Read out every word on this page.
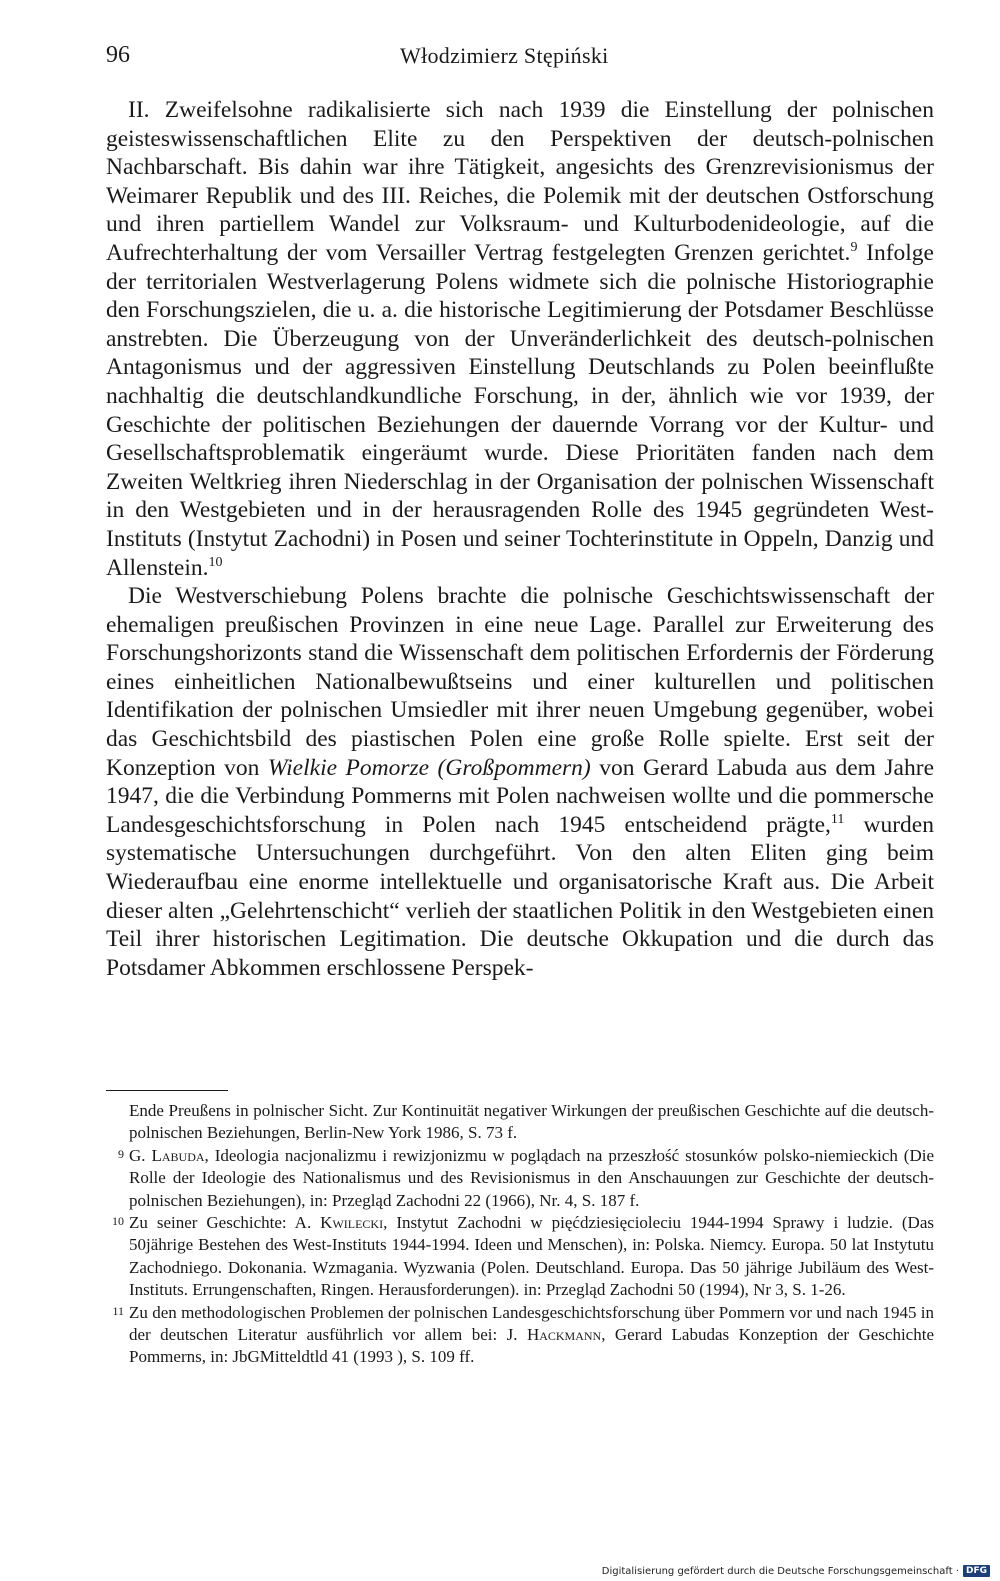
96	Włodzimierz Stępiński

II. Zweifelsohne radikalisierte sich nach 1939 die Einstellung der polnischen geisteswissenschaftlichen Elite zu den Perspektiven der deutsch-polnischen Nachbarschaft. Bis dahin war ihre Tätigkeit, angesichts des Grenzrevisionismus der Weimarer Republik und des III. Reiches, die Polemik mit der deutschen Ostforschung und ihren partiellem Wandel zur Volksraum- und Kulturbodenideologie, auf die Aufrechterhaltung der vom Versailler Vertrag festgelegten Grenzen gerichtet.$^9$ Infolge der territorialen Westverlagerung Polens widmete sich die polnische Historiographie den Forschungszielen, die u. a. die historische Legitimierung der Potsdamer Beschlüsse anstrebten. Die Überzeugung von der Unveränderlichkeit des deutsch-polnischen Antagonismus und der aggressiven Einstellung Deutschlands zu Polen beeinflußte nachhaltig die deutschlandkundliche Forschung, in der, ähnlich wie vor 1939, der Geschichte der politischen Beziehungen der dauernde Vorrang vor der Kultur- und Gesellschaftsproblematik eingeräumt wurde. Diese Prioritäten fanden nach dem Zweiten Weltkrieg ihren Niederschlag in der Organisation der polnischen Wissenschaft in den Westgebieten und in der herausragenden Rolle des 1945 gegründeten West-Instituts (Instytut Zachodni) in Posen und seiner Tochterinstitute in Oppeln, Danzig und Allenstein.$^{10}$

Die Westverschiebung Polens brachte die polnische Geschichtswissenschaft der ehemaligen preußischen Provinzen in eine neue Lage. Parallel zur Erweiterung des Forschungshorizonts stand die Wissenschaft dem politischen Erfordernis der Förderung eines einheitlichen Nationalbewußtseins und einer kulturellen und politischen Identifikation der polnischen Umsiedler mit ihrer neuen Umgebung gegenüber, wobei das Geschichtsbild des piastischen Polen eine große Rolle spielte. Erst seit der Konzeption von Wielkie Pomorze (Großpommern) von Gerard Labuda aus dem Jahre 1947, die die Verbindung Pommerns mit Polen nachweisen wollte und die pommersche Landesgeschichtsforschung in Polen nach 1945 entscheidend prägte,$^{11}$ wurden systematische Untersuchungen durchgeführt. Von den alten Eliten ging beim Wiederaufbau eine enorme intellektuelle und organisatorische Kraft aus. Die Arbeit dieser alten „Gelehrtenschicht“ verlieh der staatlichen Politik in den Westgebieten einen Teil ihrer historischen Legitimation. Die deutsche Okkupation und die durch das Potsdamer Abkommen erschlossene Perspek-

Ende Preußens in polnischer Sicht. Zur Kontinuität negativer Wirkungen der preußischen Geschichte auf die deutsch-polnischen Beziehungen, Berlin-New York 1986, S. 73 f.
9 G. Labuda, Ideologia nacjonalizmu i rewizjonizmu w poglądach na przeszłość stosunków polsko-niemieckich (Die Rolle der Ideologie des Nationalismus und des Revisionismus in den Anschauungen zur Geschichte der deutsch-polnischen Beziehungen), in: Przegląd Zachodni 22 (1966), Nr. 4, S. 187 f.
10 Zu seiner Geschichte: A. Kwilecki, Instytut Zachodni w pięćdziesięcioleciu 1944-1994 Sprawy i ludzie. (Das 50jährige Bestehen des West-Instituts 1944-1994. Ideen und Menschen), in: Polska. Niemcy. Europa. 50 lat Instytutu Zachodniego. Dokonania. Wzmagania. Wyzwania (Polen. Deutschland. Europa. Das 50 jährige Jubiläum des West-Instituts. Errungenschaften, Ringen. Herausforderungen). in: Przegląd Zachodni 50 (1994), Nr 3, S. 1-26.
11 Zu den methodologischen Problemen der polnischen Landesgeschichtsforschung über Pommern vor und nach 1945 in der deutschen Literatur ausführlich vor allem bei: J. Hackmann, Gerard Labudas Konzeption der Geschichte Pommerns, in: JbGMitteldtld 41 (1993 ), S. 109 ff.
Digitalisierung gefördert durch die Deutsche Forschungsgemeinschaft · DFG
